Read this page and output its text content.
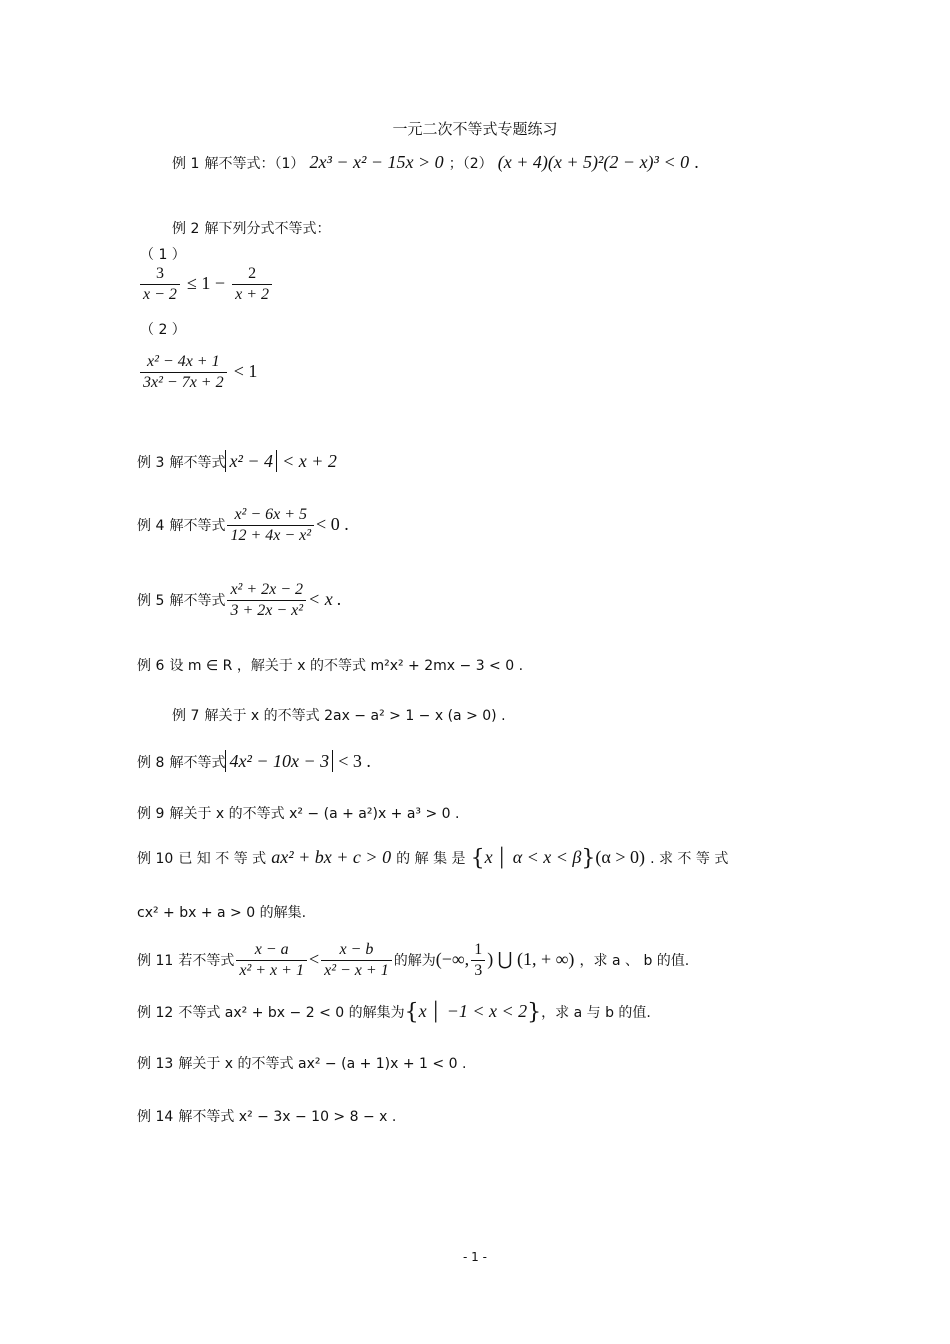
一元二次不等式专题练习
例 1 解不等式：（1） 2x³ − x² − 15x > 0 ；（2） (x + 4)(x + 5)²(2 − x)³ < 0 .
例 2 解下列分式不等式：
（ 1 ）
$\frac{3}{x - 2} \le 1 - \frac{2}{x + 2}$
（ 2 ）
$\frac{\text{x² − 4x + 1}}{\text{3x² − 7x + 2}} < 1$
例 3 解不等式 x² − 4 < x + 2
例 4 解不等式 $\frac{\text{x² − 6x + 5}}{\text{12 + 4x − x²}} < 0$ .
例 5 解不等式 $\frac{\text{x² + 2x − 2}}{\text{3 + 2x − x²}} < x$ .
例 6 设 m ∈ R ，解关于 x 的不等式 m²x² + 2mx − 3 < 0 .
例 7 解关于 x 的不等式 2ax − a² > 1 − x (a > 0) .
例 8 解不等式 4x² − 10x − 3 < 3 .
例 9 解关于 x 的不等式 x² − (a + a²)x + a³ > 0 .
例 10 已 知 不 等 式 ax² + bx + c > 0 的 解 集 是 {x │ α < x < β}(α > 0) . 求 不 等 式
cx² + bx + a > 0 的解集.
例 11 若不等式 $\frac{x - a}{\text{x² + x + 1}} < \frac{x - b}{\text{x² − x + 1}}$ 的解为(−∞, $\frac{1}{3}$ ) ⋃ (1, + ∞) ，求 a 、 b 的值.
例 12 不等式 ax² + bx − 2 < 0 的解集为{x │ −1 < x < 2}，求 a 与 b 的值.
例 13 解关于 x 的不等式 ax² − (a + 1)x + 1 < 0 .
例 14 解不等式 x² − 3x − 10 > 8 − x .
- 1 -
